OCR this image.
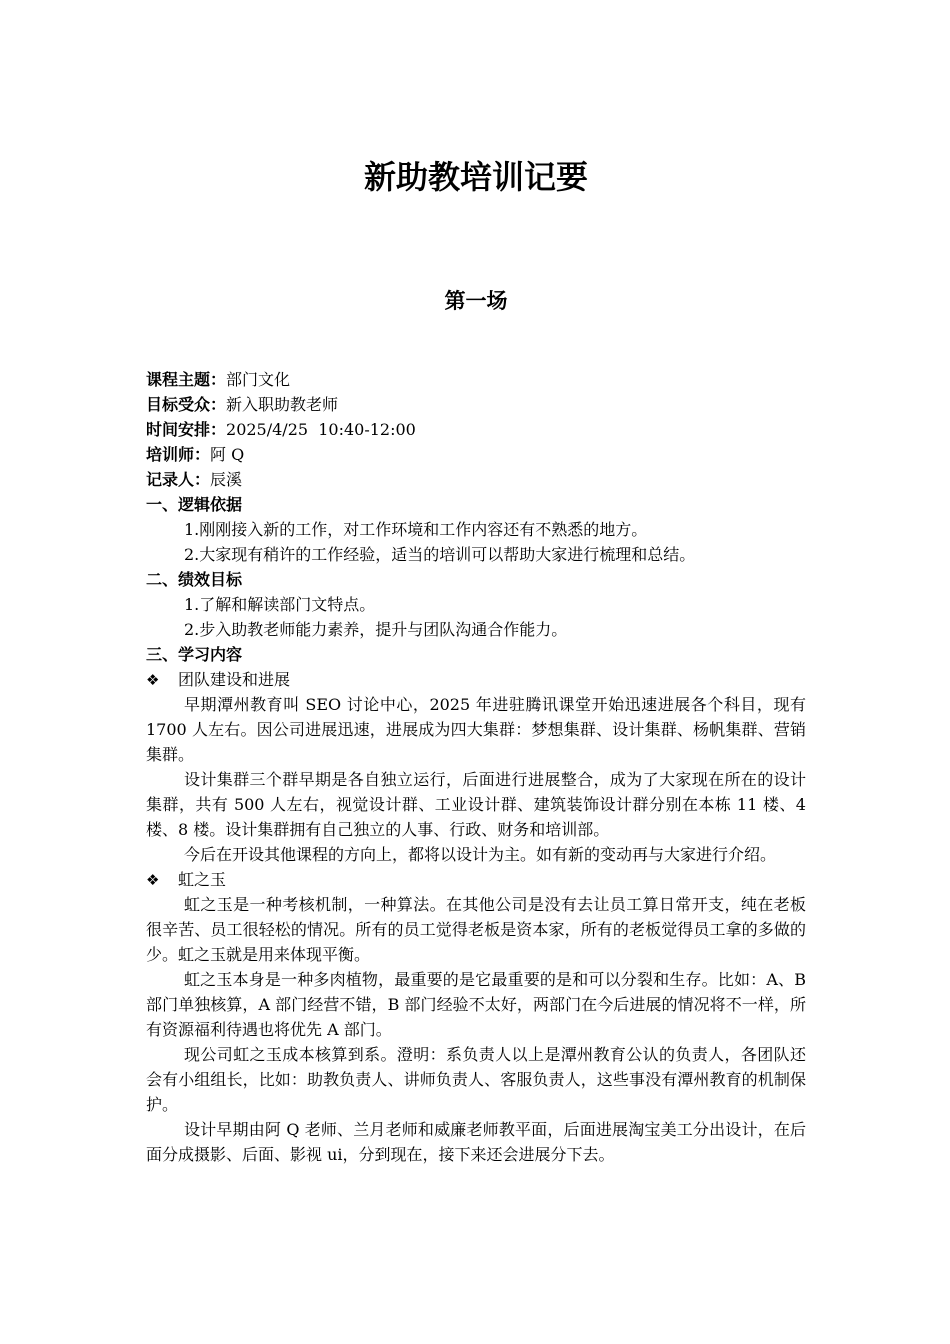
新助教培训记要
第一场
课程主题：部门文化
目标受众：新入职助教老师
时间安排：2025/4/25  10:40-12:00
培训师：阿 Q
记录人：辰溪
一、逻辑依据
1.刚刚接入新的工作，对工作环境和工作内容还有不熟悉的地方。
2.大家现有稍许的工作经验，适当的培训可以帮助大家进行梳理和总结。
二、绩效目标
1.了解和解读部门文特点。
2.步入助教老师能力素养，提升与团队沟通合作能力。
三、学习内容
❖ 团队建设和进展

早期潭州教育叫 SEO 讨论中心，2025 年进驻腾讯课堂开始迅速进展各个科目，现有 1700 人左右。因公司进展迅速，进展成为四大集群：梦想集群、设计集群、杨帆集群、营销集群。

设计集群三个群早期是各自独立运行，后面进行进展整合，成为了大家现在所在的设计集群，共有 500 人左右，视觉设计群、工业设计群、建筑装饰设计群分别在本栋 11 楼、4 楼、8 楼。设计集群拥有自己独立的人事、行政、财务和培训部。

今后在开设其他课程的方向上，都将以设计为主。如有新的变动再与大家进行介绍。

❖ 虹之玉

虹之玉是一种考核机制，一种算法。在其他公司是没有去让员工算日常开支，纯在老板很辛苦、员工很轻松的情况。所有的员工觉得老板是资本家，所有的老板觉得员工拿的多做的少。虹之玉就是用来体现平衡。

虹之玉本身是一种多肉植物，最重要的是它最重要的是和可以分裂和生存。比如：A、B 部门单独核算，A 部门经营不错，B 部门经验不太好，两部门在今后进展的情况将不一样，所有资源福利待遇也将优先 A 部门。

现公司虹之玉成本核算到系。澄明：系负责人以上是潭州教育公认的负责人，各团队还会有小组组长，比如：助教负责人、讲师负责人、客服负责人，这些事没有潭州教育的机制保护。

设计早期由阿 Q 老师、兰月老师和威廉老师教平面，后面进展淘宝美工分出设计，在后面分成摄影、后面、影视 ui，分到现在，接下来还会进展分下去。
